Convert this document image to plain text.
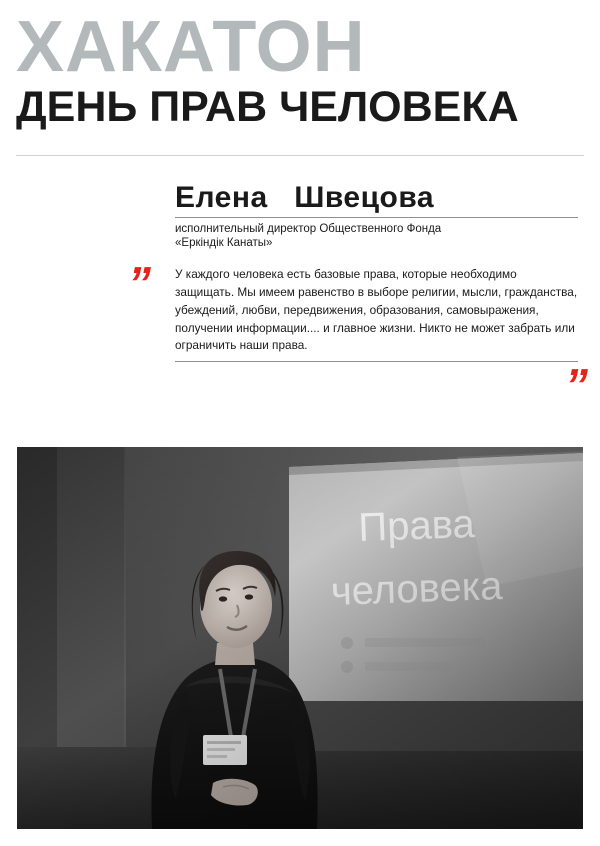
ХАКАТОН
ДЕНЬ ПРАВ ЧЕЛОВЕКА
Елена Швецова

исполнительный директор Общественного Фонда
«Еркіндік Канаты»

” У каждого человека есть базовые права, которые необходимо защищать. Мы имеем равенство в выборе религии, мысли, гражданства, убеждений, любви, передвижения, образования, самовыражения, получении информации.... и главное жизни. Никто не может забрать или ограничить наши права.

”
